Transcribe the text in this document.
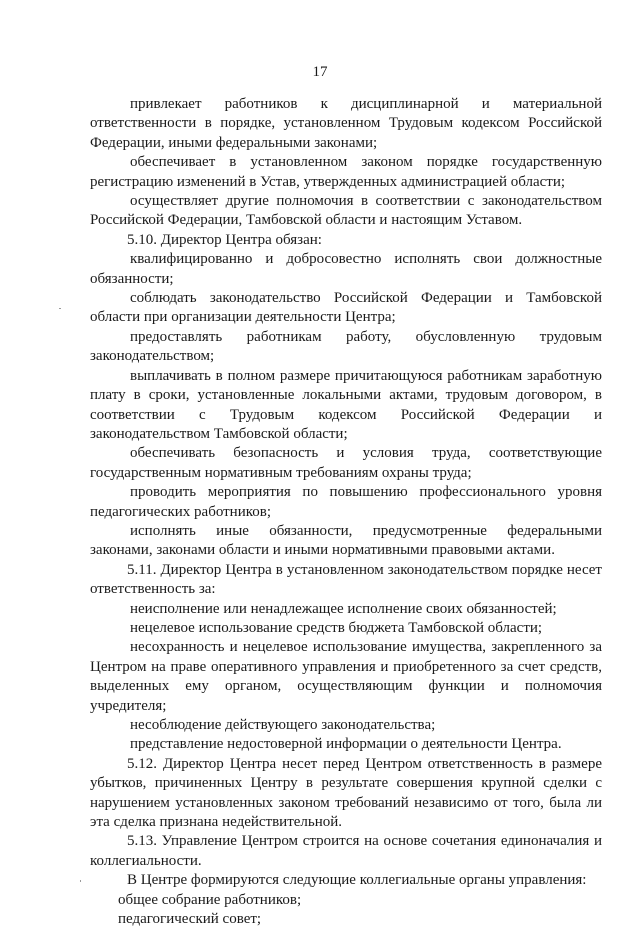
17

привлекает работников к дисциплинарной и материальной ответственности в порядке, установленном Трудовым кодексом Российской Федерации, иными федеральными законами;

обеспечивает в установленном законом порядке государственную регистрацию изменений в Устав, утвержденных администрацией области;

осуществляет другие полномочия в соответствии с законодательством Российской Федерации, Тамбовской области и настоящим Уставом.

5.10. Директор Центра обязан:

квалифицированно и добросовестно исполнять свои должностные обязанности;

соблюдать законодательство Российской Федерации и Тамбовской области при организации деятельности Центра;

предоставлять работникам работу, обусловленную трудовым законодательством;

выплачивать в полном размере причитающуюся работникам заработную плату в сроки, установленные локальными актами, трудовым договором, в соответствии с Трудовым кодексом Российской Федерации и законодательством Тамбовской области;

обеспечивать безопасность и условия труда, соответствующие государственным нормативным требованиям охраны труда;

проводить мероприятия по повышению профессионального уровня педагогических работников;

исполнять иные обязанности, предусмотренные федеральными законами, законами области и иными нормативными правовыми актами.

5.11. Директор Центра в установленном законодательством порядке несет ответственность за:

неисполнение или ненадлежащее исполнение своих обязанностей;

нецелевое использование средств бюджета Тамбовской области;

несохранность и нецелевое использование имущества, закрепленного за Центром на праве оперативного управления и приобретенного за счет средств, выделенных ему органом, осуществляющим функции и полномочия учредителя;

несоблюдение действующего законодательства;

представление недостоверной информации о деятельности Центра.

5.12. Директор Центра несет перед Центром ответственность в размере убытков, причиненных Центру в результате совершения крупной сделки с нарушением установленных законом требований независимо от того, была ли эта сделка признана недействительной.

5.13. Управление Центром строится на основе сочетания единоначалия и коллегиальности.

В Центре формируются следующие коллегиальные органы управления:

общее собрание работников;

педагогический совет;
